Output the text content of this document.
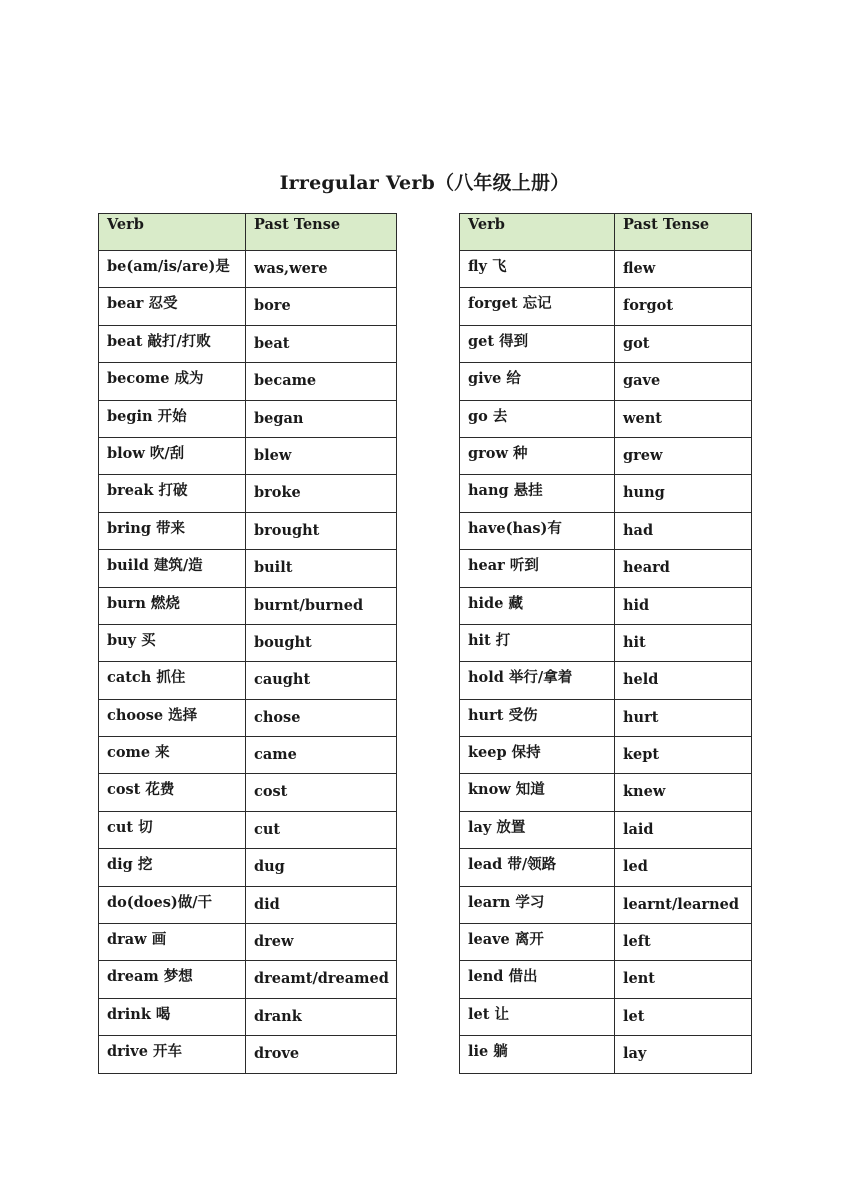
Irregular Verb（八年级上册）
Verb	Past Tense
be(am/is/are)是	was,were
bear 忍受	bore
beat 敲打/打败	beat
become 成为	became
begin 开始	began
blow 吹/刮	blew
break 打破	broke
bring 带来	brought
build 建筑/造	built
burn 燃烧	burnt/burned
buy 买	bought
catch 抓住	caught
choose 选择	chose
come 来	came
cost 花费	cost
cut 切	cut
dig 挖	dug
do(does)做/干	did
draw 画	drew
dream 梦想	dreamt/dreamed
drink 喝	drank
drive 开车	drove
Verb	Past Tense
fly 飞	flew
forget 忘记	forgot
get 得到	got
give 给	gave
go 去	went
grow 种	grew
hang 悬挂	hung
have(has)有	had
hear 听到	heard
hide 藏	hid
hit 打	hit
hold 举行/拿着	held
hurt 受伤	hurt
keep 保持	kept
know 知道	knew
lay 放置	laid
lead 带/领路	led
learn 学习	learnt/learned
leave 离开	left
lend 借出	lent
let 让	let
lie 躺	lay
